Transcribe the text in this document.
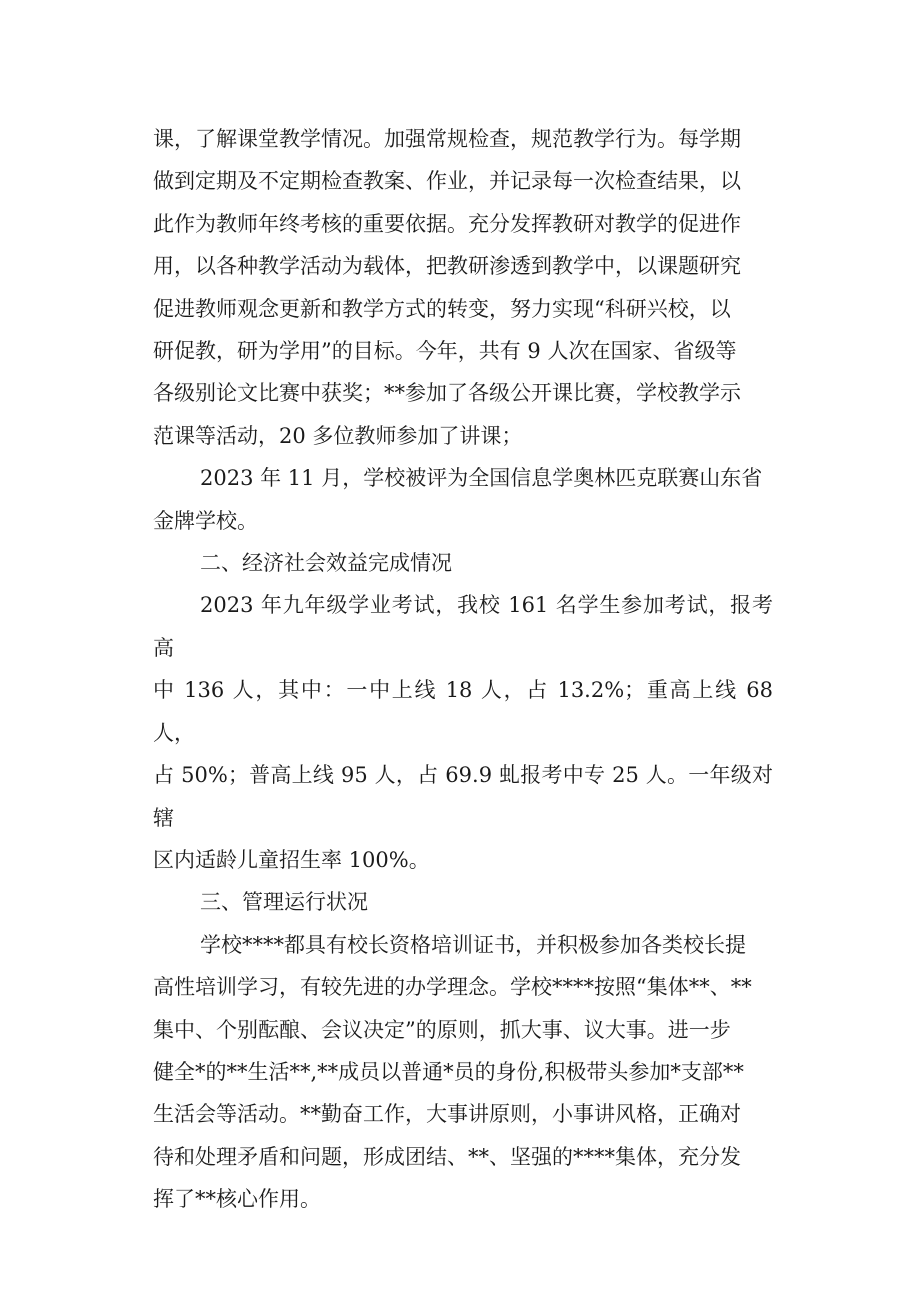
课，了解课堂教学情况。加强常规检查，规范教学行为。每学期
做到定期及不定期检查教案、作业，并记录每一次检查结果，以
此作为教师年终考核的重要依据。充分发挥教研对教学的促进作
用，以各种教学活动为载体，把教研渗透到教学中，以课题研究
促进教师观念更新和教学方式的转变，努力实现“科研兴校，以
研促教，研为学用”的目标。今年，共有 9 人次在国家、省级等
各级别论文比赛中获奖；**参加了各级公开课比赛，学校教学示
范课等活动，20 多位教师参加了讲课；

2023 年 11 月，学校被评为全国信息学奥林匹克联赛山东省
金牌学校。

二、经济社会效益完成情况

2023 年九年级学业考试，我校 161 名学生参加考试，报考高
中 136 人，其中：一中上线 18 人，占 13.2%；重高上线 68 人，
占 50%；普高上线 95 人，占 69.9 虬报考中专 25 人。一年级对辖
区内适龄儿童招生率 100%。

三、管理运行状况

学校****都具有校长资格培训证书，并积极参加各类校长提
高性培训学习，有较先进的办学理念。学校****按照“集体**、**
集中、个别酝酿、会议决定”的原则，抓大事、议大事。进一步
健全*的**生活**,**成员以普通*员的身份,积极带头参加*支部**
生活会等活动。**勤奋工作，大事讲原则，小事讲风格，正确对
待和处理矛盾和问题，形成团结、**、坚强的****集体，充分发
挥了**核心作用。
